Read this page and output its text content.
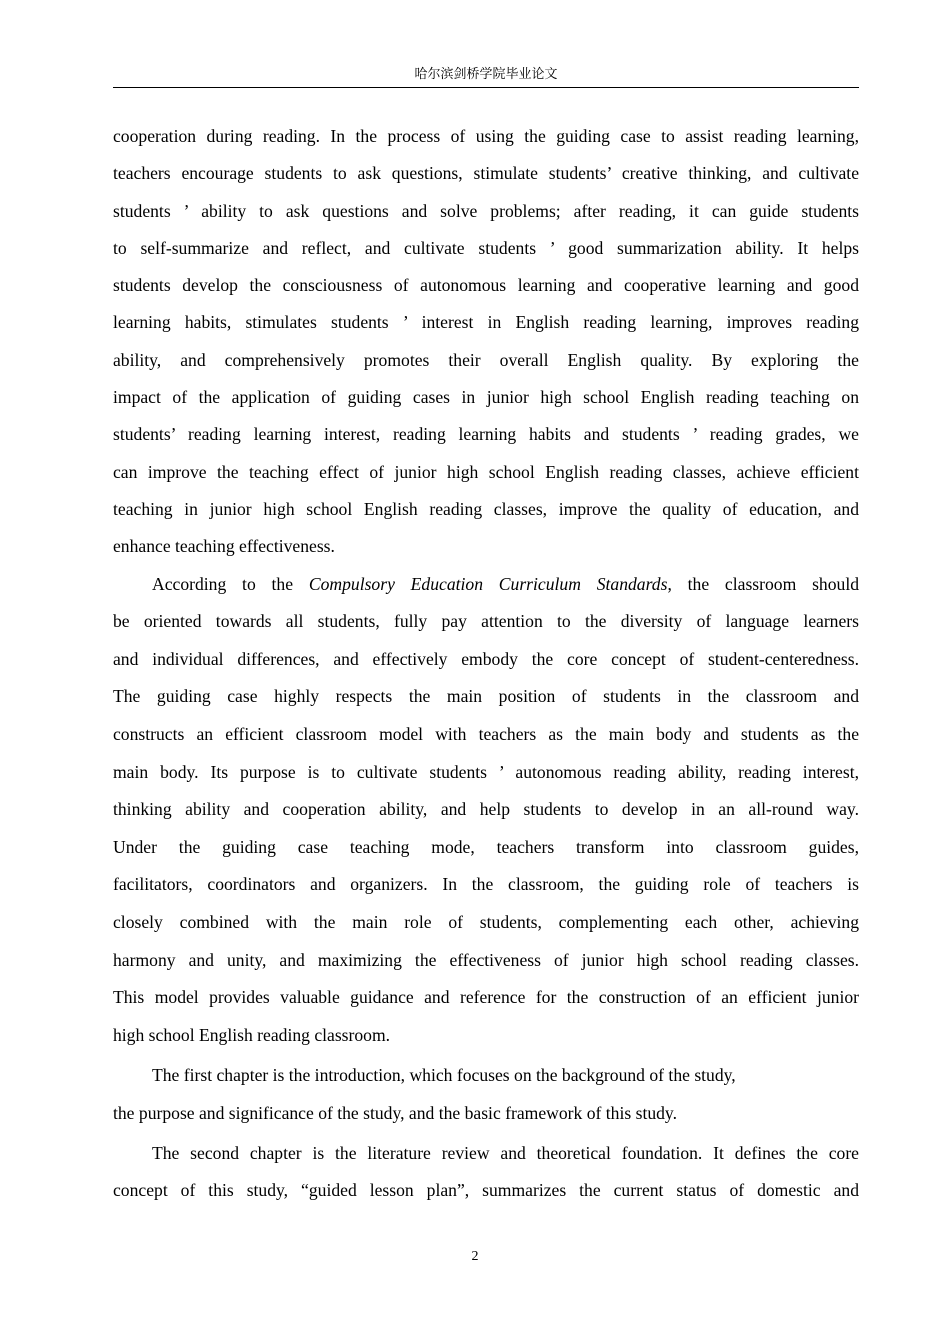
哈尔滨剑桥学院毕业论文
cooperation during reading. In the process of using the guiding case to assist reading learning,
teachers encourage students to ask questions, stimulate students’ creative thinking, and cultivate
students ’ ability to ask questions and solve problems; after reading, it can guide students
to self-summarize and reflect, and cultivate students ’ good summarization ability. It helps
students develop the consciousness of autonomous learning and cooperative learning and good
learning habits, stimulates students ’ interest in English reading learning, improves reading
ability, and comprehensively promotes their overall English quality. By exploring the
impact of the application of guiding cases in junior high school English reading teaching on
students’ reading learning interest, reading learning habits and students ’ reading grades, we
can improve the teaching effect of junior high school English reading classes, achieve efficient
teaching in junior high school English reading classes, improve the quality of education, and
enhance teaching effectiveness.
According to the Compulsory Education Curriculum Standards, the classroom should
be oriented towards all students, fully pay attention to the diversity of language learners
and individual differences, and effectively embody the core concept of student-centeredness.
The guiding case highly respects the main position of students in the classroom and
constructs an efficient classroom model with teachers as the main body and students as the
main body. Its purpose is to cultivate students ’ autonomous reading ability, reading interest,
thinking ability and cooperation ability, and help students to develop in an all-round way.
Under the guiding case teaching mode, teachers transform into classroom guides,
facilitators, coordinators and organizers. In the classroom, the guiding role of teachers is
closely combined with the main role of students, complementing each other, achieving
harmony and unity, and maximizing the effectiveness of junior high school reading classes.
This model provides valuable guidance and reference for the construction of an efficient junior
high school English reading classroom.
The first chapter is the introduction, which focuses on the background of the study,
the purpose and significance of the study, and the basic framework of this study.
The second chapter is the literature review and theoretical foundation. It defines the core
concept of this study, “guided lesson plan”, summarizes the current status of domestic and
2
